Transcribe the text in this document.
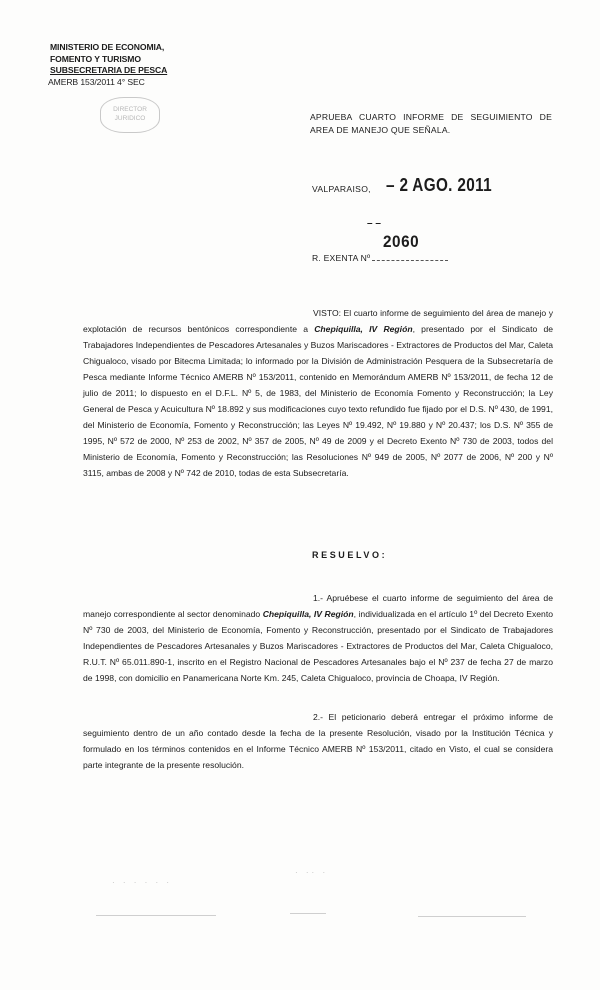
MINISTERIO DE ECONOMIA,
FOMENTO Y TURISMO
SUBSECRETARIA DE PESCA
AMERB 153/2011 4° SEC
DIRECTOR
JURIDICO	APRUEBA CUARTO INFORME DE SEGUIMIENTO DE AREA DE MANEJO QUE SEÑALA.
VALPARAISO, – 2 AGO. 2011
– –
2060
R. EXENTA Nº
VISTO: El cuarto informe de seguimiento del área de manejo y explotación de recursos bentónicos correspondiente a Chepiquilla, IV Región, presentado por el Sindicato de Trabajadores Independientes de Pescadores Artesanales y Buzos Mariscadores - Extractores de Productos del Mar, Caleta Chigualoco, visado por Bitecma Limitada; lo informado por la División de Administración Pesquera de la Subsecretaría de Pesca mediante Informe Técnico AMERB Nº 153/2011, contenido en Memorándum AMERB Nº 153/2011, de fecha 12 de julio de 2011; lo dispuesto en el D.F.L. Nº 5, de 1983, del Ministerio de Economía Fomento y Reconstrucción; la Ley General de Pesca y Acuicultura Nº 18.892 y sus modificaciones cuyo texto refundido fue fijado por el D.S. Nº 430, de 1991, del Ministerio de Economía, Fomento y Reconstrucción; las Leyes Nº 19.492, Nº 19.880 y Nº 20.437; los D.S. Nº 355 de 1995, Nº 572 de 2000, Nº 253 de 2002, Nº 357 de 2005, Nº 49 de 2009 y el Decreto Exento Nº 730 de 2003, todos del Ministerio de Economía, Fomento y Reconstrucción; las Resoluciones Nº 949 de 2005, Nº 2077 de 2006, Nº 200 y Nº 3115, ambas de 2008 y Nº 742 de 2010, todas de esta Subsecretaría.
RESUELVO:
1.- Apruébese el cuarto informe de seguimiento del área de manejo correspondiente al sector denominado Chepiquilla, IV Región, individualizada en el artículo 1º del Decreto Exento Nº 730 de 2003, del Ministerio de Economía, Fomento y Reconstrucción, presentado por el Sindicato de Trabajadores Independientes de Pescadores Artesanales y Buzos Mariscadores - Extractores de Productos del Mar, Caleta Chigualoco, R.U.T. Nº 65.011.890-1, inscrito en el Registro Nacional de Pescadores Artesanales bajo el Nº 237 de fecha 27 de marzo de 1998, con domicilio en Panamericana Norte Km. 245, Caleta Chigualoco, provincia de Choapa, IV Región.
2.- El peticionario deberá entregar el próximo informe de seguimiento dentro de un año contado desde la fecha de la presente Resolución, visado por la Institución Técnica y formulado en los términos contenidos en el Informe Técnico AMERB Nº 153/2011, citado en Visto, el cual se considera parte integrante de la presente resolución.
· · · · · ·
· ·· ·
